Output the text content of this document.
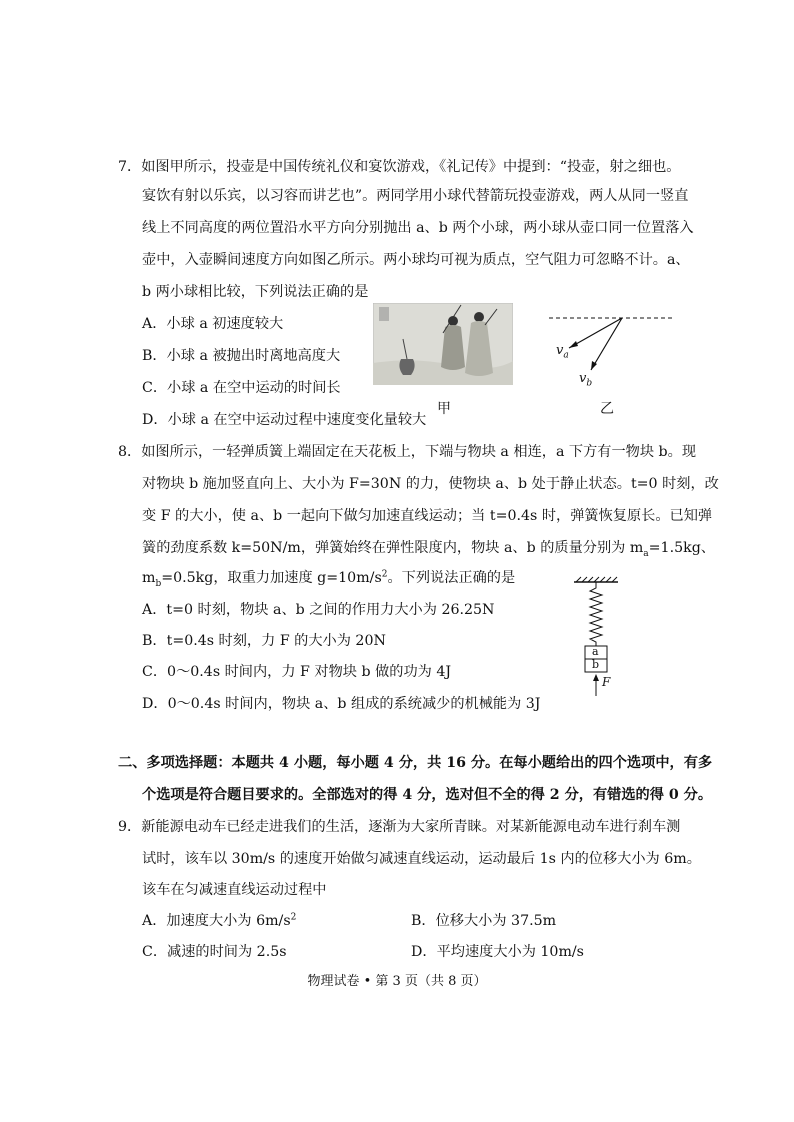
7．如图甲所示，投壶是中国传统礼仪和宴饮游戏，《礼记传》中提到：“投壶，射之细也。
宴饮有射以乐宾，以习容而讲艺也”。两同学用小球代替箭玩投壶游戏，两人从同一竖直
线上不同高度的两位置沿水平方向分别抛出 a、b 两个小球，两小球从壶口同一位置落入
壶中，入壶瞬间速度方向如图乙所示。两小球均可视为质点，空气阻力可忽略不计。a、
b 两小球相比较，下列说法正确的是
A．小球 a 初速度较大
B．小球 a 被抛出时离地高度大
C．小球 a 在空中运动的时间长
D．小球 a 在空中运动过程中速度变化量较大
甲
$v_a$
$v_b$
乙
8．如图所示，一轻弹质簧上端固定在天花板上，下端与物块 a 相连，a 下方有一物块 b。现
对物块 b 施加竖直向上、大小为 F=30N 的力，使物块 a、b 处于静止状态。t=0 时刻，改
变 F 的大小，使 a、b 一起向下做匀加速直线运动；当 t=0.4s 时，弹簧恢复原长。已知弹
簧的劲度系数 k=50N/m，弹簧始终在弹性限度内，物块 a、b 的质量分别为 $m_a=1.5kg$、
$m_b=0.5kg$，取重力加速度 $g=10m/s^2$。下列说法正确的是
A．t=0 时刻，物块 a、b 之间的作用力大小为 26.25N
B．t=0.4s 时刻，力 F 的大小为 20N
C．0～0.4s 时间内，力 F 对物块 b 做的功为 4J
D．0～0.4s 时间内，物块 a、b 组成的系统减少的机械能为 3J
a
b
F
二、多项选择题：本题共 4 小题，每小题 4 分，共 16 分。在每小题给出的四个选项中，有多
个选项是符合题目要求的。全部选对的得 4 分，选对但不全的得 2 分，有错选的得 0 分。
9．新能源电动车已经走进我们的生活，逐渐为大家所青睐。对某新能源电动车进行刹车测
试时，该车以 30m/s 的速度开始做匀减速直线运动，运动最后 1s 内的位移大小为 6m。
该车在匀减速直线运动过程中
A．加速度大小为 $6m/s^2$	B．位移大小为 37.5m
C．减速的时间为 2.5s	D．平均速度大小为 10m/s
物理试卷 • 第 3 页（共 8 页）
